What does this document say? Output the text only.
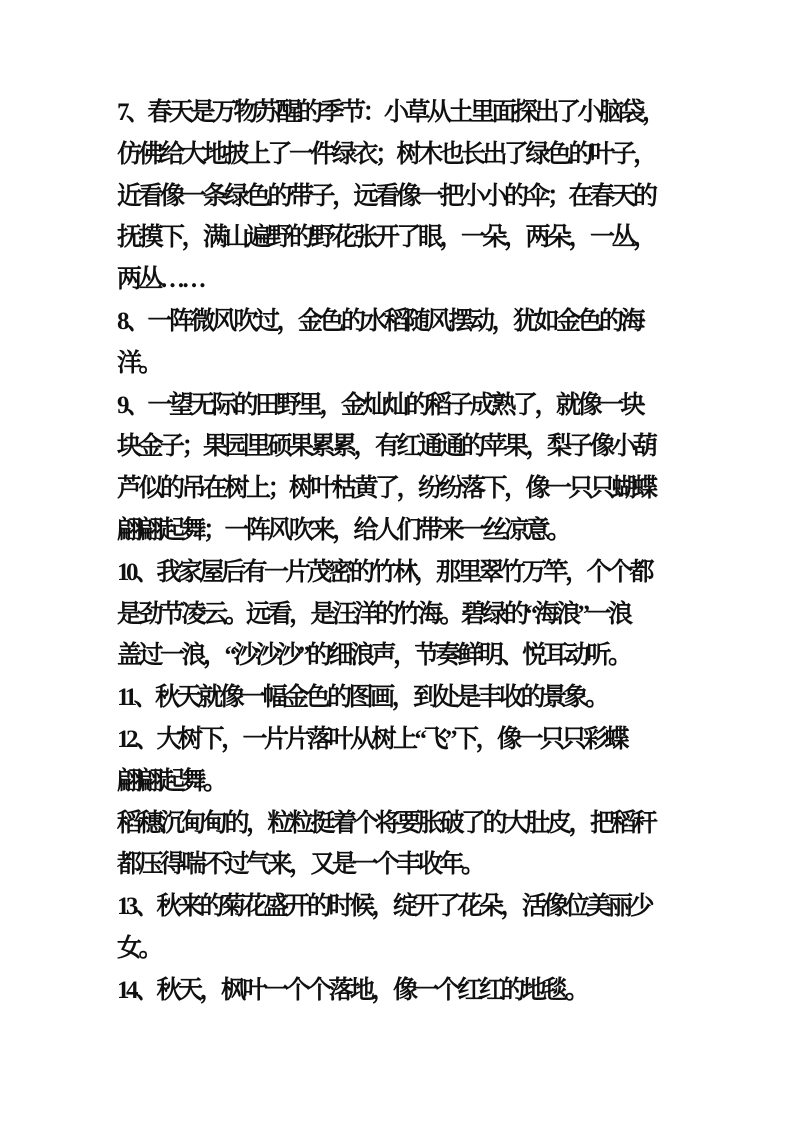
7、春天是万物苏醒的季节：小草从土里面探出了小脑袋，
仿佛给大地披上了一件绿衣；树木也长出了绿色的叶子，
近看像一条绿色的带子，远看像一把小小的伞；在春天的
抚摸下，满山遍野的野花张开了眼，一朵，两朵，一丛，
两丛……
8、一阵微风吹过，金色的水稻随风摆动，犹如金色的海
洋。
9、一望无际的田野里，金灿灿的稻子成熟了，就像一块
块金子；果园里硕果累累，有红通通的苹果，梨子像小葫
芦似的吊在树上；树叶枯黄了，纷纷落下，像一只只蝴蝶
翩翩起舞；一阵风吹来，给人们带来一丝凉意。
10、我家屋后有一片茂密的竹林，那里翠竹万竿，个个都
是劲节凌云。远看，是汪洋的竹海。碧绿的“海浪”一浪
盖过一浪，“沙沙沙”的细浪声，节奏鲜明、悦耳动听。
11、秋天就像一幅金色的图画，到处是丰收的景象。
12、大树下，一片片落叶从树上“飞”下，像一只只彩蝶
翩翩起舞。
稻穗沉甸甸的，粒粒挺着个将要胀破了的大肚皮，把稻秆
都压得喘不过气来，又是一个丰收年。
13、秋来的菊花盛开的时候，绽开了花朵，活像位美丽少
女。
14、秋天，枫叶一个个落地，像一个红红的地毯。
